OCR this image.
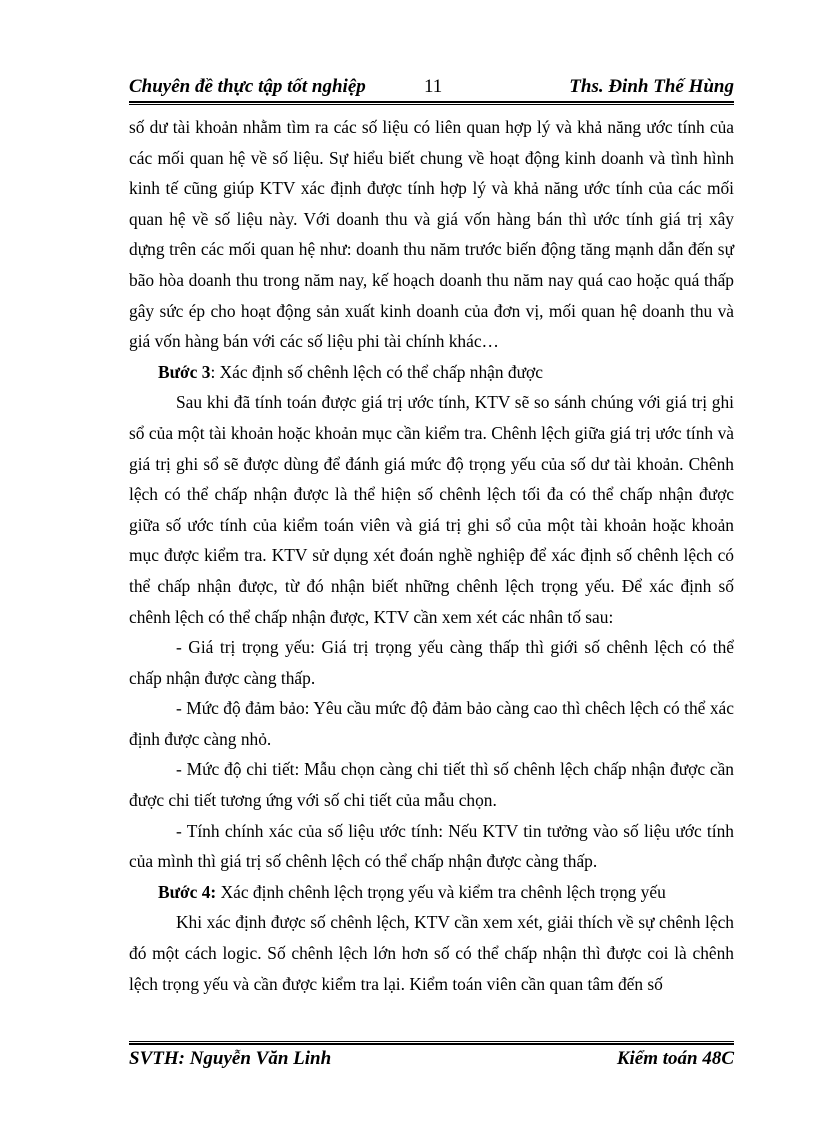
Chuyên đề thực tập tốt nghiệp	11	Ths. Đinh Thế Hùng

số dư tài khoản nhằm tìm ra các số liệu có liên quan hợp lý và khả năng ước tính của các mối quan hệ về số liệu. Sự hiểu biết chung về hoạt động kinh doanh và tình hình kinh tế cũng giúp KTV xác định được tính hợp lý và khả năng ước tính của các mối quan hệ về số liệu này. Với doanh thu và giá vốn hàng bán thì ước tính giá trị xây dựng trên các mối quan hệ như: doanh thu năm trước biến động tăng mạnh dẫn đến sự bão hòa doanh thu trong năm nay, kế hoạch doanh thu năm nay quá cao hoặc quá thấp gây sức ép cho hoạt động sản xuất kinh doanh của đơn vị, mối quan hệ doanh thu và giá vốn hàng bán với các số liệu phi tài chính khác…

Bước 3: Xác định số chênh lệch có thể chấp nhận được

Sau khi đã tính toán được giá trị ước tính, KTV sẽ so sánh chúng với giá trị ghi sổ của một tài khoản hoặc khoản mục cần kiểm tra. Chênh lệch giữa giá trị ước tính và giá trị ghi sổ sẽ được dùng để đánh giá mức độ trọng yếu của số dư tài khoản. Chênh lệch có thể chấp nhận được là thể hiện số chênh lệch tối đa có thể chấp nhận được giữa số ước tính của kiểm toán viên và giá trị ghi sổ của một tài khoản hoặc khoản mục được kiểm tra. KTV sử dụng xét đoán nghề nghiệp để xác định số chênh lệch có thể chấp nhận được, từ đó nhận biết những chênh lệch trọng yếu. Để xác định số chênh lệch có thể chấp nhận được, KTV cần xem xét các nhân tố sau:

- Giá trị trọng yếu: Giá trị trọng yếu càng thấp thì giới số chênh lệch có thể chấp nhận được càng thấp.

- Mức độ đảm bảo: Yêu cầu mức độ đảm bảo càng cao thì chêch lệch có thể xác định được càng nhỏ.

- Mức độ chi tiết: Mẫu chọn càng chi tiết thì số chênh lệch chấp nhận được cần được chi tiết tương ứng với số chi tiết của mẫu chọn.

- Tính chính xác của số liệu ước tính: Nếu KTV tin tưởng vào số liệu ước tính của mình thì giá trị số chênh lệch có thể chấp nhận được càng thấp.

Bước 4: Xác định chênh lệch trọng yếu và kiểm tra chênh lệch trọng yếu

Khi xác định được số chênh lệch, KTV cần xem xét, giải thích về sự chênh lệch đó một cách logic. Số chênh lệch lớn hơn số có thể chấp nhận thì được coi là chênh lệch trọng yếu và cần được kiểm tra lại. Kiểm toán viên cần quan tâm đến số

SVTH: Nguyễn Văn Linh	Kiểm toán 48C
